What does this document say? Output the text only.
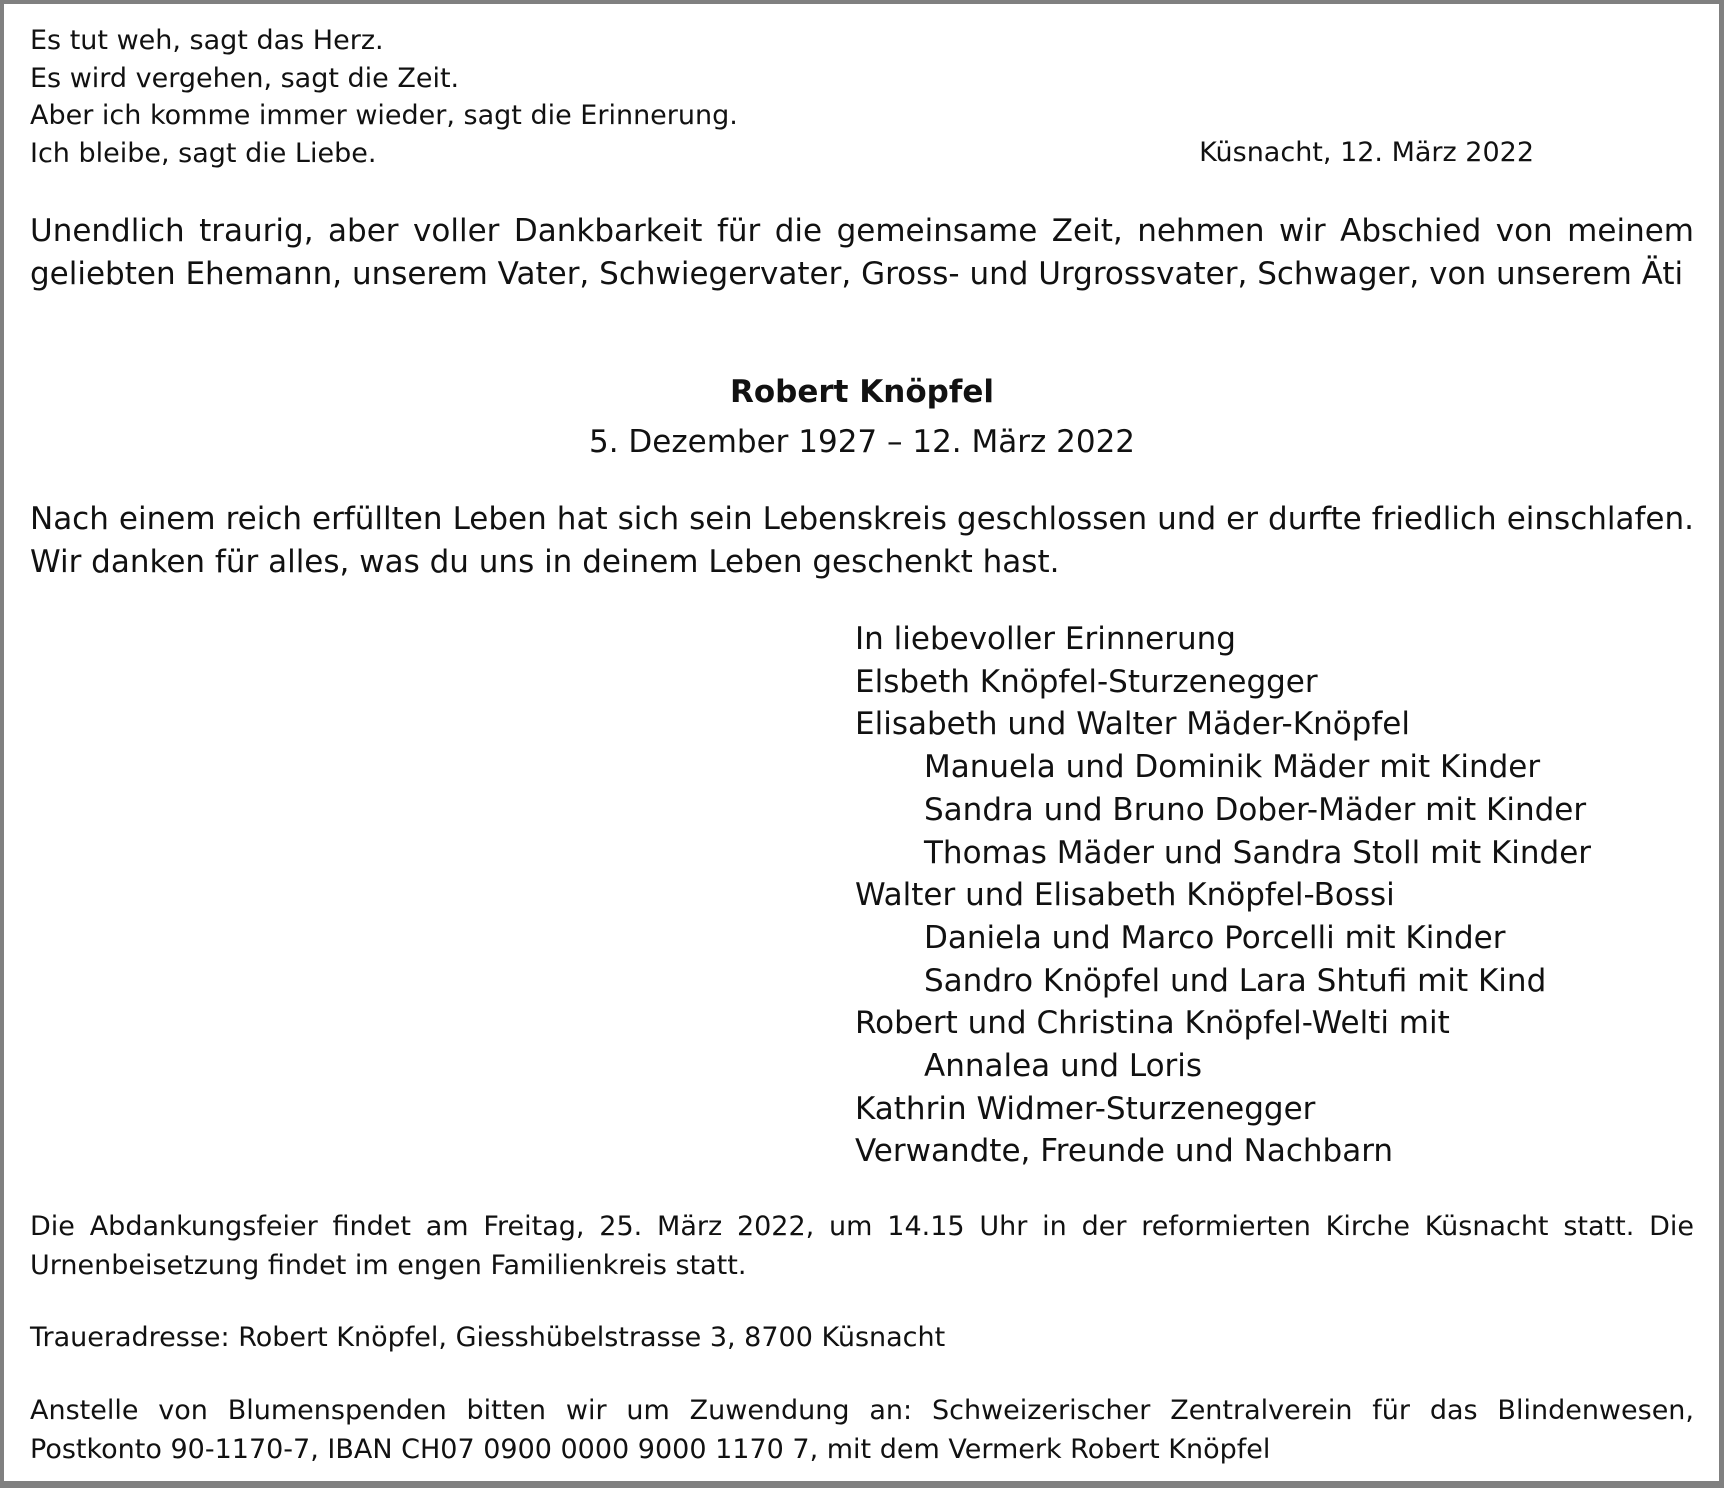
Es tut weh, sagt das Herz.
Es wird vergehen, sagt die Zeit.
Aber ich komme immer wieder, sagt die Erinnerung.
Ich bleibe, sagt die Liebe.	Küsnacht, 12. März 2022
Unendlich traurig, aber voller Dankbarkeit für die gemeinsame Zeit, nehmen wir Abschied von meinem geliebten Ehemann, unserem Vater, Schwiegervater, Gross- und Urgrossvater, Schwager, von unserem Äti
Robert Knöpfel
5. Dezember 1927 – 12. März 2022
Nach einem reich erfüllten Leben hat sich sein Lebenskreis geschlossen und er durfte friedlich einschlafen. Wir danken für alles, was du uns in deinem Leben geschenkt hast.
In liebevoller Erinnerung
Elsbeth Knöpfel-Sturzenegger
Elisabeth und Walter Mäder-Knöpfel
Manuela und Dominik Mäder mit Kinder
Sandra und Bruno Dober-Mäder mit Kinder
Thomas Mäder und Sandra Stoll mit Kinder
Walter und Elisabeth Knöpfel-Bossi
Daniela und Marco Porcelli mit Kinder
Sandro Knöpfel und Lara Shtufi mit Kind
Robert und Christina Knöpfel-Welti mit
Annalea und Loris
Kathrin Widmer-Sturzenegger
Verwandte, Freunde und Nachbarn
Die Abdankungsfeier findet am Freitag, 25. März 2022, um 14.15 Uhr in der reformierten Kirche Küsnacht statt. Die Urnenbeisetzung findet im engen Familienkreis statt.
Traueradresse: Robert Knöpfel, Giesshübelstrasse 3, 8700 Küsnacht
Anstelle von Blumenspenden bitten wir um Zuwendung an: Schweizerischer Zentralverein für das Blindenwesen, Postkonto 90-1170-7, IBAN CH07 0900 0000 9000 1170 7, mit dem Vermerk Robert Knöpfel
